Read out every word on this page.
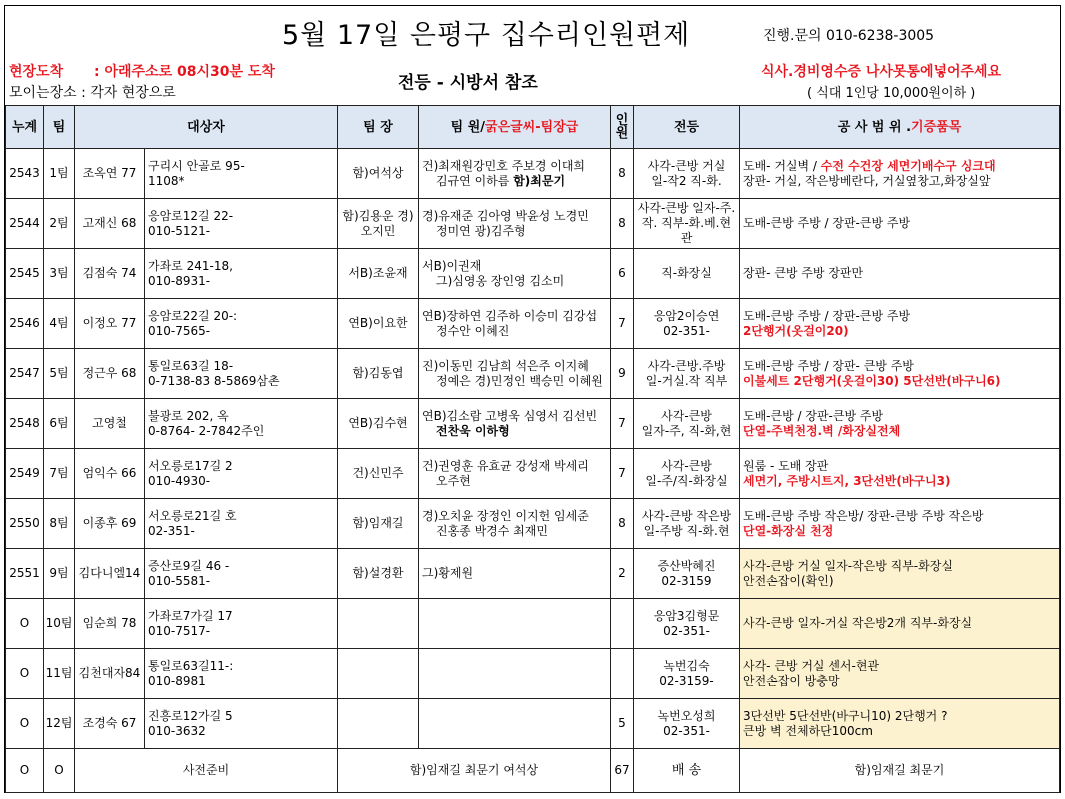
5월 17일 은평구 집수리인원편제	진행.문의 010-6238-3005
현장도착 : 아래주소로 08시30분 도착
모이는장소 : 각자 현장으로	전등 - 시방서 참조
식사.경비영수증 나사못통에넣어주세요
( 식대 1인당 10,000원이하 )
누계	팀	대상자		팀 장	팀 원/굵은글씨-팀장급	인원	전등	공 사 범 위 .기증품목
2543	1팀	조옥연 77	구리시 안골로 95-
1108*	함)여석상	건)최재원강민호 주보경 이대희
김규연 이하름 함)최문기	8	사각-큰방 거실
일-작2 직-화.	도배- 거실벽 / 수전 수건장 세면기배수구 싱크대
장판- 거실, 작은방베란다, 거실옆창고,화장실앞

2544	2팀	고재신 68	응암로12길 22-
010-5121-	함)김용운 경)오지민	경)유재준 김아영 박윤성 노경민
정미연 광)김주형	8	사각-큰방 일자-주.작. 직부-화.베.현관	도배-큰방 주방 / 장판-큰방 주방

2545	3팀	김점숙 74	가좌로 241-18,
010-8931-	서B)조윤재	서B)이권재
그)심영옹 장인영 김소미	6	직-화장실	장판- 큰방 주방 장판만

2546	4팀	이정오 77	응암로22길 20-:
010-7565-	연B)이요한	연B)장하연 김주하 이승미 김강섭
정수안 이혜진	7	응암2이승연
02-351-	도배-큰방 주방 / 장판-큰방 주방
2단행거(옷걸이20)

2547	5팀	정근우 68	통일로63길 18-
0-7138-83 8-5869삼촌	함)김동엽	진)이동민 김남희 석은주 이지혜
정예은 경)민정인 백승민 이혜원	9	사각-큰방.주방
일-거실.작 직부	도배-큰방 주방 / 장판- 큰방 주방
이불세트 2단행거(옷걸이30) 5단선반(바구니6)

2548	6팀	고영철	불광로 202, 옥
0-8764- 2-7842주인	연B)김수현	연B)김소람 고병욱 심영서 김선빈
전찬욱 이하형	7	사각-큰방
일자-주, 직-화,현	도배-큰방 / 장판-큰방 주방
단열-주벽천정.벽 /화장실전체

2549	7팀	엄익수 66	서오릉로17길 2
010-4930-	건)신민주	건)권영훈 유효균 강성재 박세리
오주현	7	사각-큰방
일-주/직-화장실	원룸 - 도배 장판
세면기, 주방시트지, 3단선반(바구니3)

2550	8팀	이종후 69	서오릉로21길 호
02-351-	함)임재길	경)오치윤 장정인 이지헌 임세준
진홍종 박경수 최재민	8	사각-큰방 작은방
일-주방 직-화.현	도배-큰방 주방 작은방/ 장판-큰방 주방 작은방
단열-화장실 천정

2551	9팀	김다니엘14	증산로9길 46 -
010-5581-	함)설경환	그)황제원	2	증산박혜진
02-3159	사각-큰방 거실 일자-작은방 직부-화장실
안전손잡이(확인)

O	10팀	임순희 78	가좌로7가길 17
010-7517-				응암3김형문
02-351-	사각-큰방 일자-거실 작은방2개 직부-화장실

O	11팀	김천대자84	통일로63길11-:
010-8981				녹번김숙
02-3159-	사각- 큰방 거실 센서-현관
안전손잡이 방충망

O	12팀	조경숙 67	진흥로12가길 5
010-3632			5	녹번오성희
02-351-	3단선반 5단선반(바구니10) 2단행거 ?
큰방 벽 전체하단100cm

O	O	사전준비		함)임재길 최문기 여석상		67	배 송	함)임재길 최문기
